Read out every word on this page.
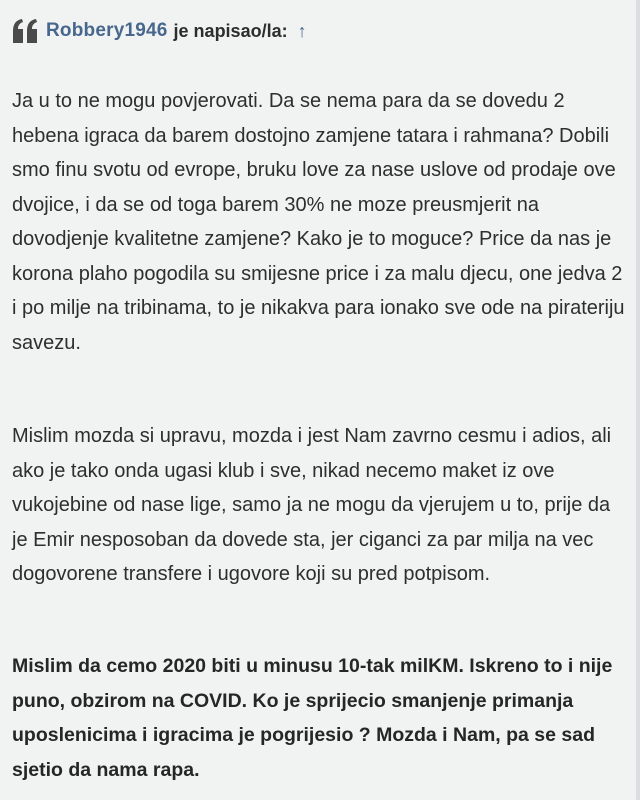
Robbery1946 je napisao/la: ↑

Ja u to ne mogu povjerovati. Da se nema para da se dovedu 2 hebena igraca da barem dostojno zamjene tatara i rahmana? Dobili smo finu svotu od evrope, bruku love za nase uslove od prodaje ove dvojice, i da se od toga barem 30% ne moze preusmjerit na dovodjenje kvalitetne zamjene? Kako je to moguce? Price da nas je korona plaho pogodila su smijesne price i za malu djecu, one jedva 2 i po milje na tribinama, to je nikakva para ionako sve ode na pirateriju savezu.

Mislim mozda si upravu, mozda i jest Nam zavrno cesmu i adios, ali ako je tako onda ugasi klub i sve, nikad necemo maket iz ove vukojebine od nase lige, samo ja ne mogu da vjerujem u to, prije da je Emir nesposoban da dovede sta, jer ciganci za par milja na vec dogovorene transfere i ugovore koji su pred potpisom.

Mislim da cemo 2020 biti u minusu 10-tak milKM. Iskreno to i nije puno, obzirom na COVID. Ko je sprijecio smanjenje primanja uposlenicima i igracima je pogrijesio ? Mozda i Nam, pa se sad sjetio da nama rapa.
